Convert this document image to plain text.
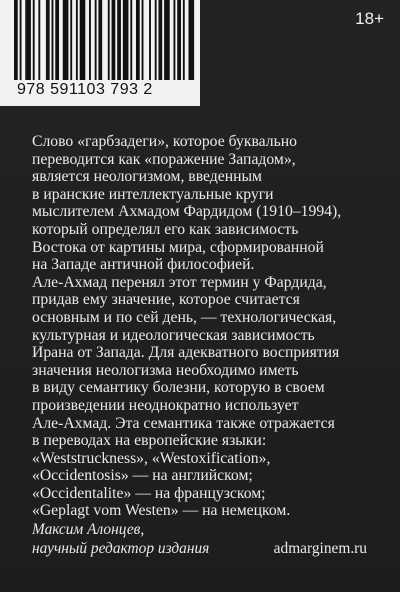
978 591103 793 2
18+
Слово «гарбзадеги», которое буквально
переводится как «поражение Западом»,
является неологизмом, введенным
в иранские интеллектуальные круги
мыслителем Ахмадом Фардидом (1910–1994),
который определял его как зависимость
Востока от картины мира, сформированной
на Западе античной философией.
Але-Ахмад перенял этот термин у Фардида,
придав ему значение, которое считается
основным и по сей день, — технологическая,
культурная и идеологическая зависимость
Ирана от Запада. Для адекватного восприятия
значения неологизма необходимо иметь
в виду семантику болезни, которую в своем
произведении неоднократно использует
Але-Ахмад. Эта семантика также отражается
в переводах на европейские языки:
«Weststruckness», «Westoxification»,
«Occidentosis» — на английском;
«Occidentalite» — на французском;
«Geplagt vom Westen» — на немецком.
Максим Алонцев,
научный редактор издания	admarginem.ru
